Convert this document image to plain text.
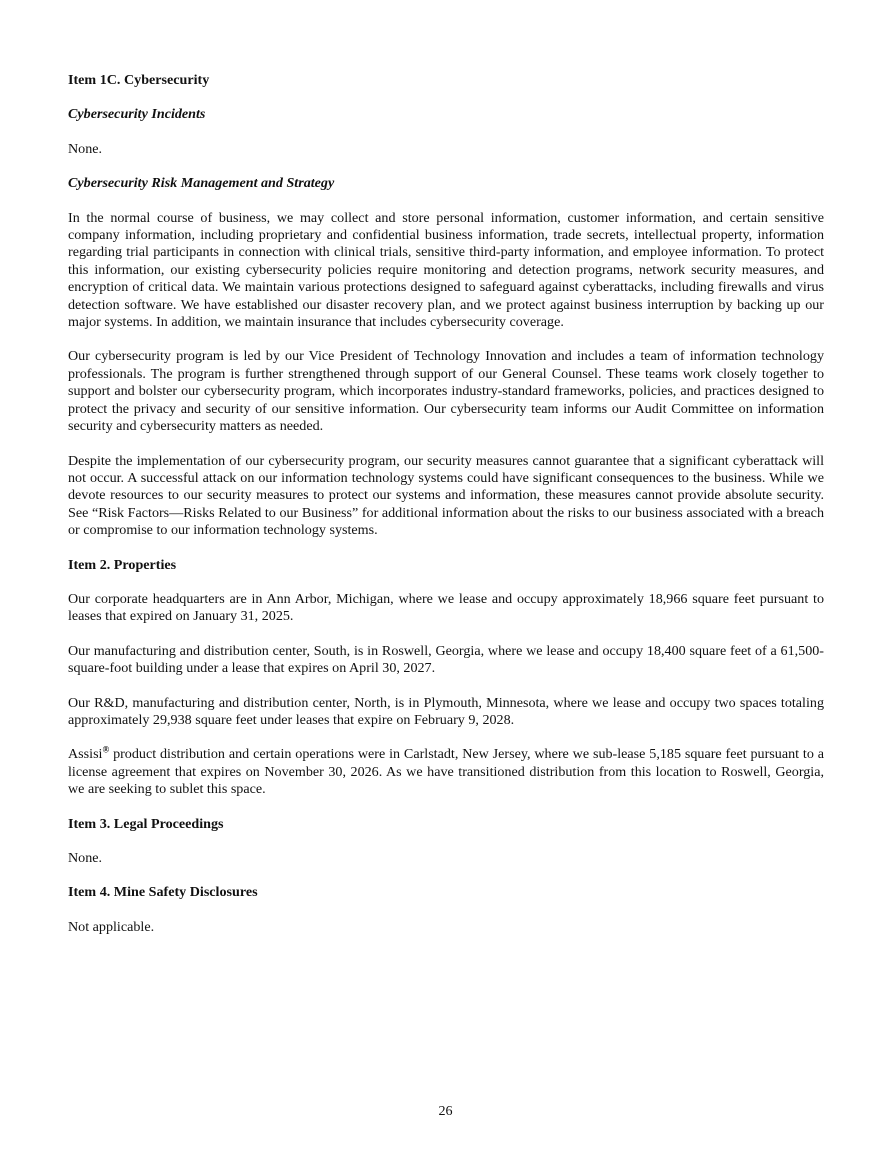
Item 1C. Cybersecurity
Cybersecurity Incidents

None.

Cybersecurity Risk Management and Strategy

In the normal course of business, we may collect and store personal information, customer information, and certain sensitive company information, including proprietary and confidential business information, trade secrets, intellectual property, information regarding trial participants in connection with clinical trials, sensitive third-party information, and employee information. To protect this information, our existing cybersecurity policies require monitoring and detection programs, network security measures, and encryption of critical data. We maintain various protections designed to safeguard against cyberattacks, including firewalls and virus detection software. We have established our disaster recovery plan, and we protect against business interruption by backing up our major systems. In addition, we maintain insurance that includes cybersecurity coverage.

Our cybersecurity program is led by our Vice President of Technology Innovation and includes a team of information technology professionals. The program is further strengthened through support of our General Counsel. These teams work closely together to support and bolster our cybersecurity program, which incorporates industry-standard frameworks, policies, and practices designed to protect the privacy and security of our sensitive information. Our cybersecurity team informs our Audit Committee on information security and cybersecurity matters as needed.

Despite the implementation of our cybersecurity program, our security measures cannot guarantee that a significant cyberattack will not occur. A successful attack on our information technology systems could have significant consequences to the business. While we devote resources to our security measures to protect our systems and information, these measures cannot provide absolute security. See “Risk Factors—Risks Related to our Business” for additional information about the risks to our business associated with a breach or compromise to our information technology systems.

Item 2. Properties

Our corporate headquarters are in Ann Arbor, Michigan, where we lease and occupy approximately 18,966 square feet pursuant to leases that expired on January 31, 2025.

Our manufacturing and distribution center, South, is in Roswell, Georgia, where we lease and occupy 18,400 square feet of a 61,500-square-foot building under a lease that expires on April 30, 2027.

Our R&D, manufacturing and distribution center, North, is in Plymouth, Minnesota, where we lease and occupy two spaces totaling approximately 29,938 square feet under leases that expire on February 9, 2028.

Assisi® product distribution and certain operations were in Carlstadt, New Jersey, where we sub-lease 5,185 square feet pursuant to a license agreement that expires on November 30, 2026. As we have transitioned distribution from this location to Roswell, Georgia, we are seeking to sublet this space.

Item 3. Legal Proceedings

None.

Item 4. Mine Safety Disclosures

Not applicable.

26
